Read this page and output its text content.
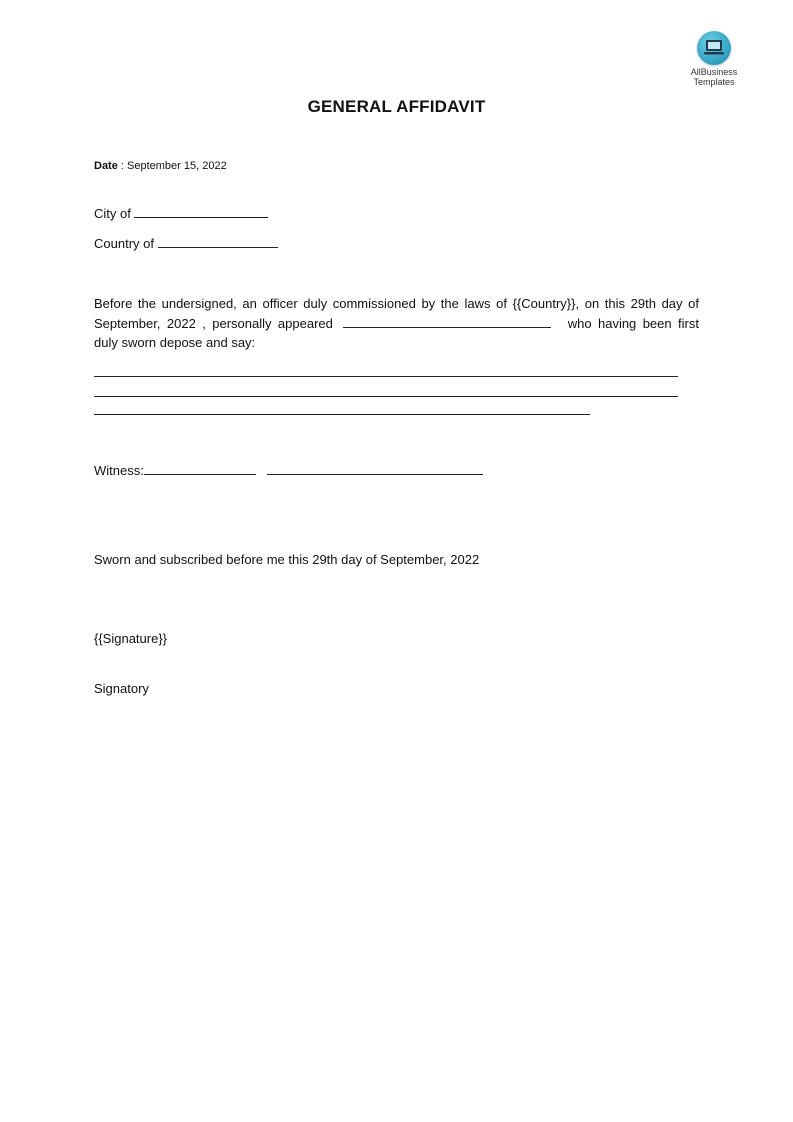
AllBusiness
Templates
GENERAL AFFIDAVIT
Date : September 15, 2022
City of
Country of
Before the undersigned, an officer duly commissioned by the laws of {{Country}}, on this 29th day of September, 2022 , personally appeared	who having been first duly sworn depose and say:
Witness:
Sworn and subscribed before me this 29th day of September, 2022
{{Signature}}
Signatory
